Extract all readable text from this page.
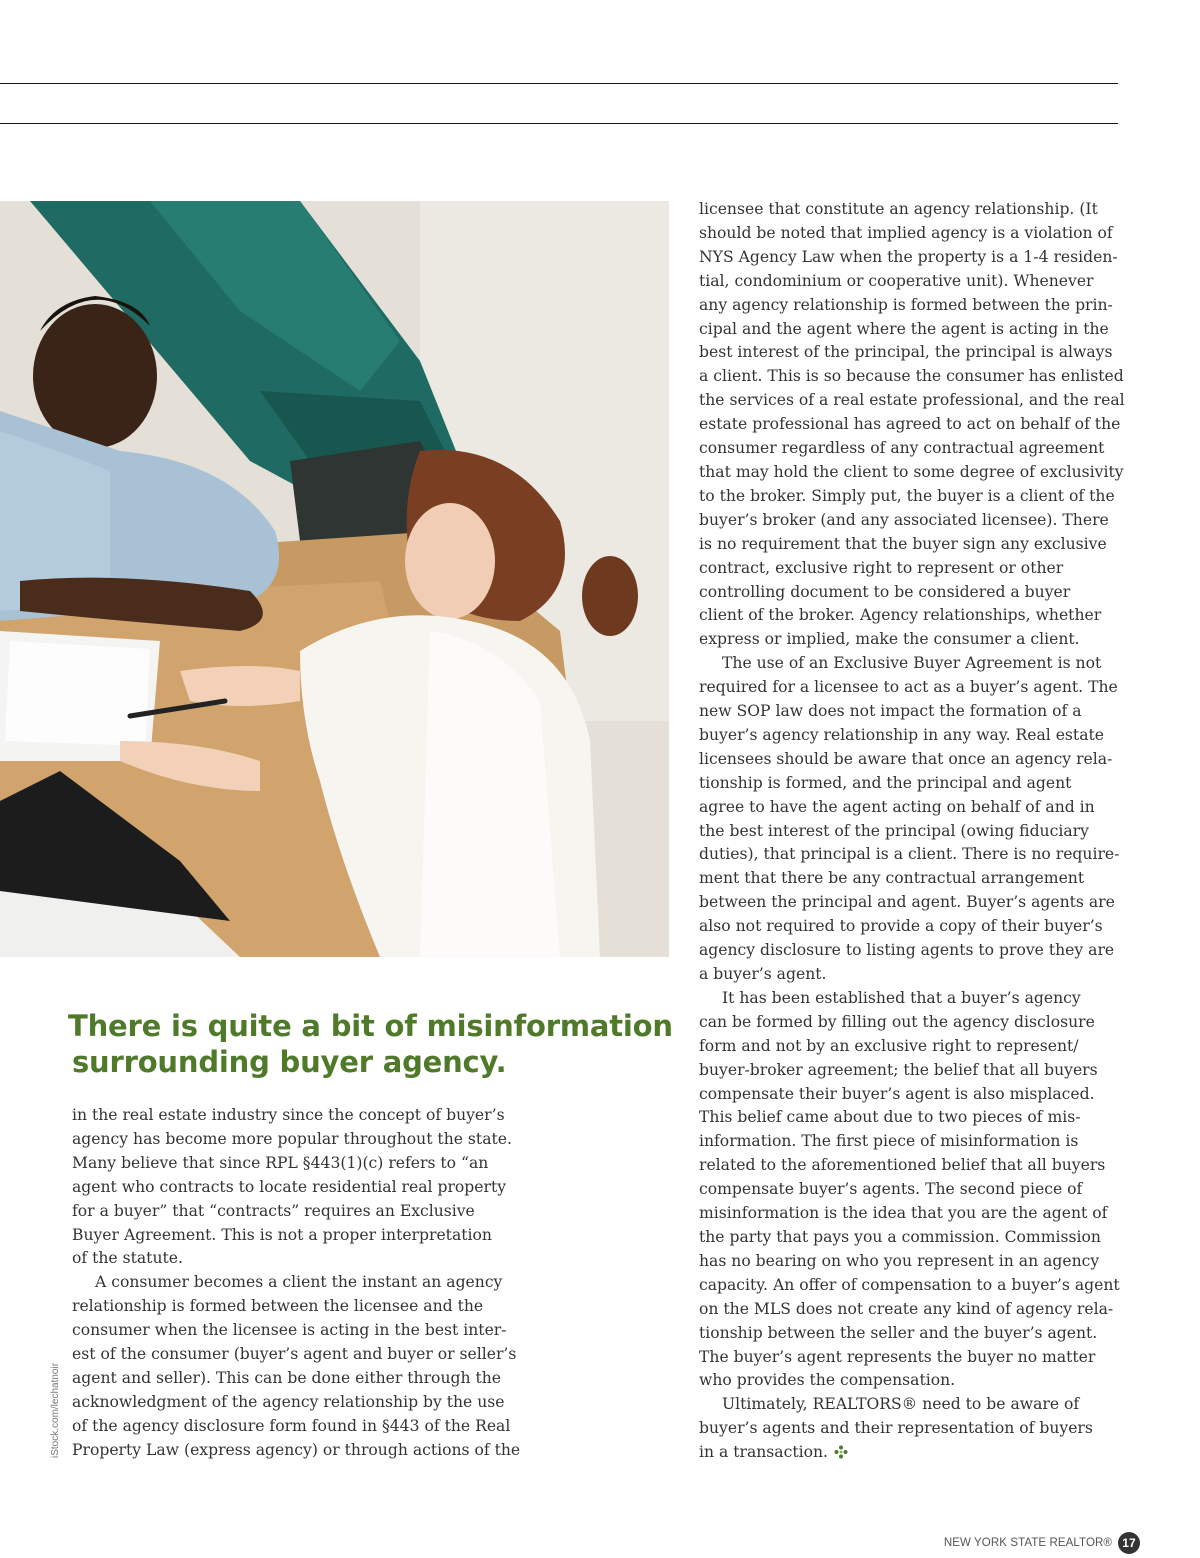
There is quite a bit of misinformation
surrounding buyer agency.

in the real estate industry since the concept of buyer’s

agency has become more popular throughout the state.

Many believe that since RPL §443(1)(c) refers to “an

agent who contracts to locate residential real property

for a buyer” that “contracts” requires an Exclusive

Buyer Agreement. This is not a proper interpretation

of the statute.

A consumer becomes a client the instant an agency

relationship is formed between the licensee and the

consumer when the licensee is acting in the best inter-

est of the consumer (buyer’s agent and buyer or seller’s

agent and seller). This can be done either through the

acknowledgment of the agency relationship by the use

of the agency disclosure form found in §443 of the Real

Property Law (express agency) or through actions of the

licensee that constitute an agency relationship. (It

should be noted that implied agency is a violation of

NYS Agency Law when the property is a 1-4 residen-

tial, condominium or cooperative unit). Whenever

any agency relationship is formed between the prin-

cipal and the agent where the agent is acting in the

best interest of the principal, the principal is always

a client. This is so because the consumer has enlisted

the services of a real estate professional, and the real

estate professional has agreed to act on behalf of the

consumer regardless of any contractual agreement

that may hold the client to some degree of exclusivity

to the broker. Simply put, the buyer is a client of the

buyer’s broker (and any associated licensee). There

is no requirement that the buyer sign any exclusive

contract, exclusive right to represent or other

controlling document to be considered a buyer

client of the broker. Agency relationships, whether

express or implied, make the consumer a client.

The use of an Exclusive Buyer Agreement is not

required for a licensee to act as a buyer’s agent. The

new SOP law does not impact the formation of a

buyer’s agency relationship in any way. Real estate

licensees should be aware that once an agency rela-

tionship is formed, and the principal and agent

agree to have the agent acting on behalf of and in

the best interest of the principal (owing fiduciary

duties), that principal is a client. There is no require-

ment that there be any contractual arrangement

between the principal and agent. Buyer’s agents are

also not required to provide a copy of their buyer’s

agency disclosure to listing agents to prove they are

a buyer’s agent.

It has been established that a buyer’s agency

can be formed by filling out the agency disclosure

form and not by an exclusive right to represent/

buyer-broker agreement; the belief that all buyers

compensate their buyer’s agent is also misplaced.

This belief came about due to two pieces of mis-

information. The first piece of misinformation is

related to the aforementioned belief that all buyers

compensate buyer’s agents. The second piece of

misinformation is the idea that you are the agent of

the party that pays you a commission. Commission

has no bearing on who you represent in an agency

capacity. An offer of compensation to a buyer’s agent

on the MLS does not create any kind of agency rela-

tionship between the seller and the buyer’s agent.

The buyer’s agent represents the buyer no matter

who provides the compensation.

Ultimately, REALTORS® need to be aware of

buyer’s agents and their representation of buyers

in a transaction.

iStock.com/lechatnoir
NEW YORK STATE REALTOR® 17
